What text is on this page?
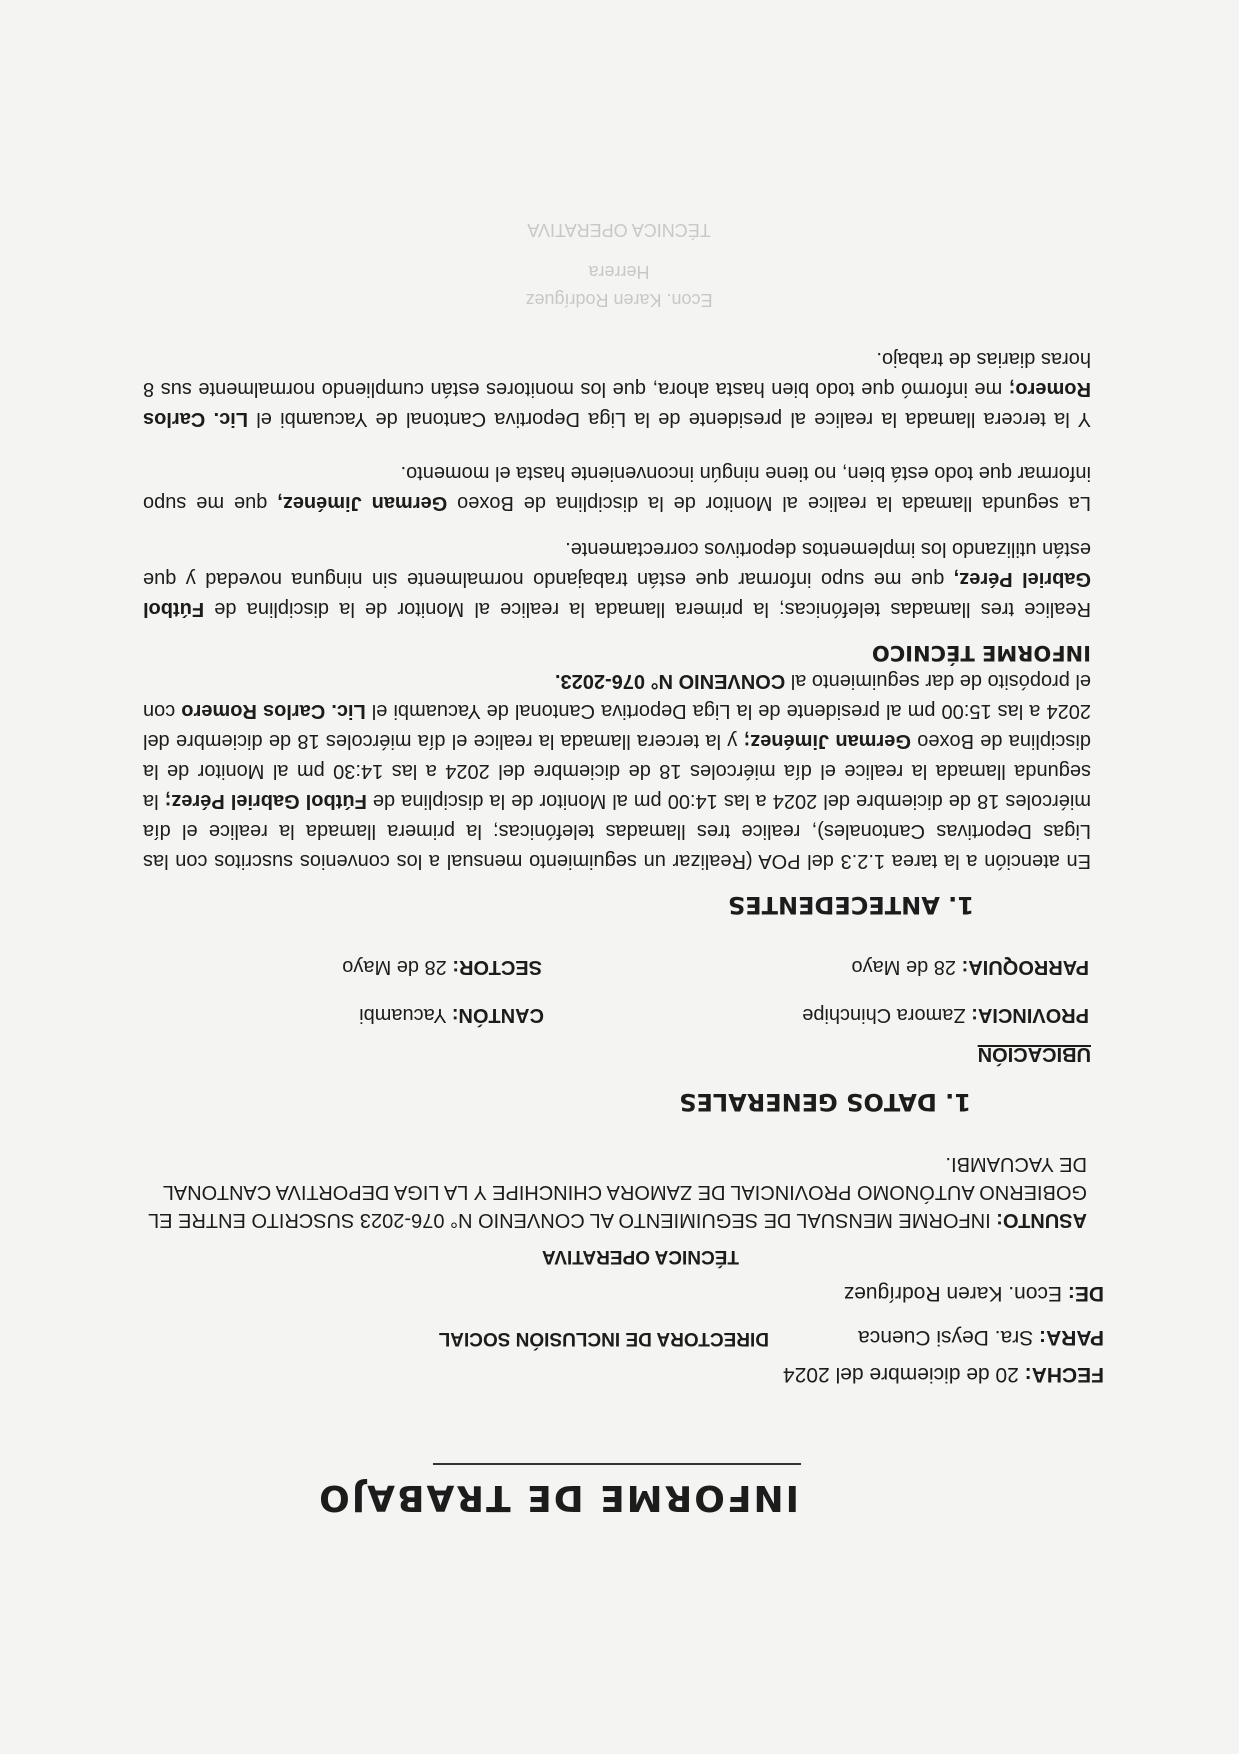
INFORME DE TRABAJO
FECHA: 20 de diciembre del 2024
PARA: Sra. Deysi Cuenca
DIRECTORA DE INCLUSIÓN SOCIAL
DE: Econ. Karen Rodríguez
TÉCNICA OPERATIVA
ASUNTO: INFORME MENSUAL DE SEGUIMIENTO AL CONVENIO N° 076-2023 SUSCRITO ENTRE EL GOBIERNO AUTÓNOMO PROVINCIAL DE ZAMORA CHINCHIPE Y LA LIGA DEPORTIVA CANTONAL DE YACUAMBI.
1. DATOS GENERALES
UBICACIÓN
PROVINCIA: Zamora Chinchipe
CANTÓN: Yacuambi
PARROQUIA: 28 de Mayo
SECTOR: 28 de Mayo
1. ANTECEDENTES
En atención a la tarea 1.2.3 del POA (Realizar un seguimiento mensual a los convenios suscritos con las Ligas Deportivas Cantonales), realice tres llamadas telefónicas; la primera llamada la realice el día miércoles 18 de diciembre del 2024 a las 14:00 pm al Monitor de la disciplina de Fútbol Gabriel Pérez; la segunda llamada la realice el día miércoles 18 de diciembre del 2024 a las 14:30 pm al Monitor de la disciplina de Boxeo German Jiménez; y la tercera llamada la realice el día miércoles 18 de diciembre del 2024 a las 15:00 pm al presidente de la Liga Deportiva Cantonal de Yacuambi el Lic. Carlos Romero con el propósito de dar seguimiento al CONVENIO N° 076-2023.
INFORME TÉCNICO
Realice tres llamadas telefónicas; la primera llamada la realice al Monitor de la disciplina de Fútbol Gabriel Pérez, que me supo informar que están trabajando normalmente sin ninguna novedad y que están utilizando los implementos deportivos correctamente.
La segunda llamada la realice al Monitor de la disciplina de Boxeo German Jiménez, que me supo informar que todo está bien, no tiene ningún inconveniente hasta el momento.
Y la tercera llamada la realice al presidente de la Liga Deportiva Cantonal de Yacuambi el Lic. Carlos Romero; me informó que todo bien hasta ahora, que los monitores están cumpliendo normalmente sus 8 horas diarias de trabajo.
Econ. Karen Rodríguez Herrera
TÉCNICA OPERATIVA
